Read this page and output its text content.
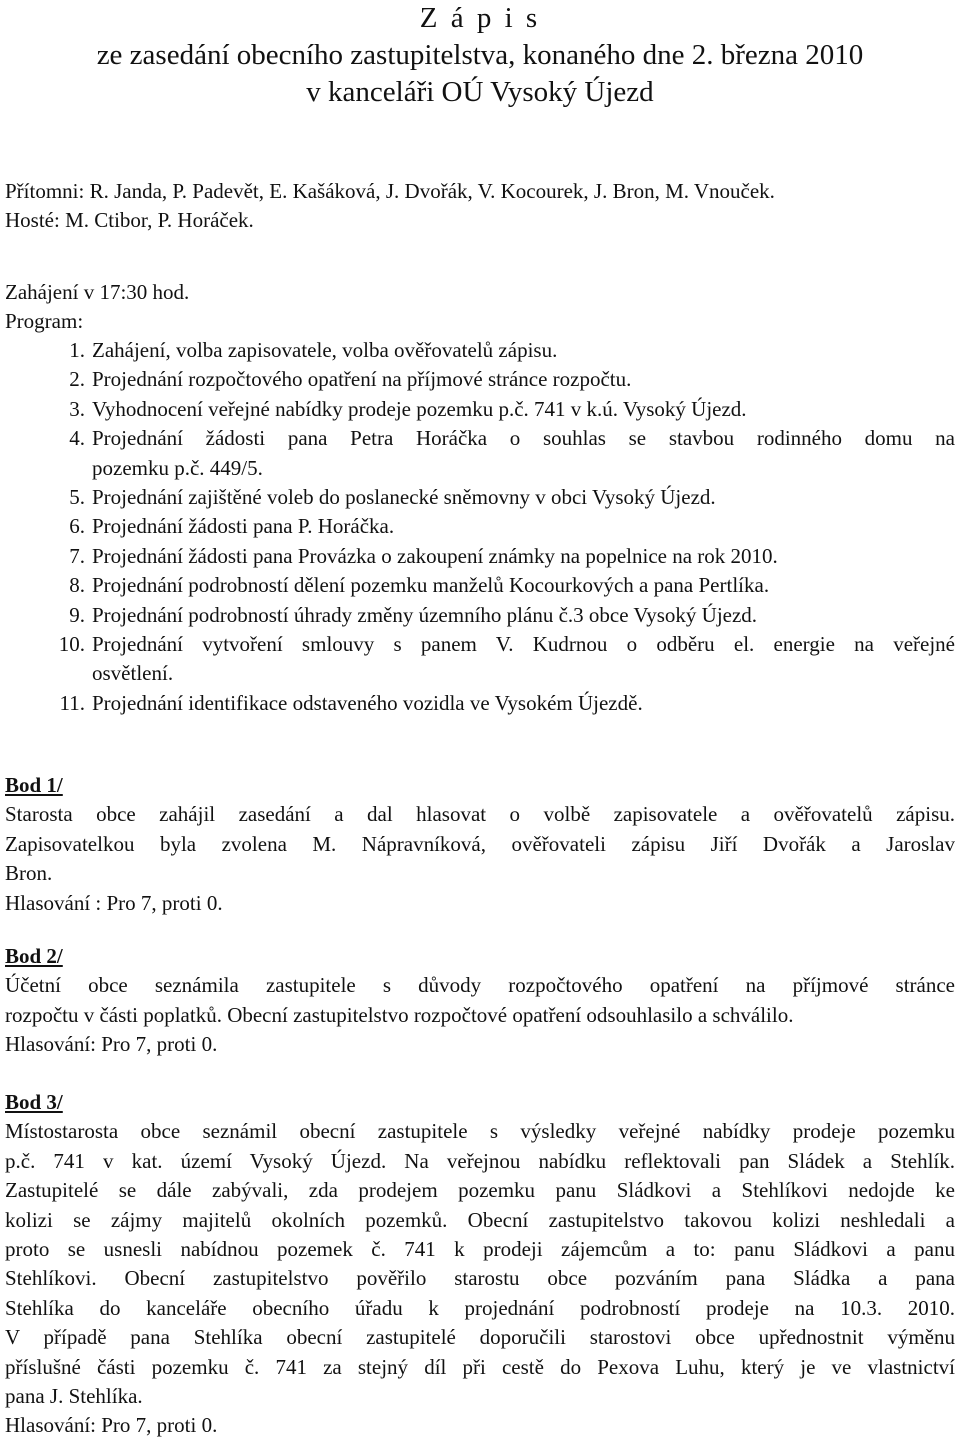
Z á p i s
ze zasedání obecního zastupitelstva, konaného dne 2. března 2010
v kanceláři OÚ Vysoký Újezd
Přítomni: R. Janda, P. Padevět, E. Kašáková, J. Dvořák, V. Kocourek, J. Bron, M. Vnouček.
Hosté: M. Ctibor, P. Horáček.
Zahájení v 17:30 hod.
Program:
1. Zahájení, volba zapisovatele, volba ověřovatelů zápisu.
2. Projednání rozpočtového opatření na příjmové stránce rozpočtu.
3. Vyhodnocení veřejné nabídky prodeje pozemku p.č. 741 v k.ú. Vysoký Újezd.
4. Projednání žádosti pana Petra Horáčka o souhlas se stavbou rodinného domu na
pozemku p.č. 449/5.
5. Projednání zajištěné voleb do poslanecké sněmovny v obci Vysoký Újezd.
6. Projednání žádosti pana P. Horáčka.
7. Projednání žádosti pana Provázka o zakoupení známky na popelnice na rok 2010.
8. Projednání podrobností dělení pozemku manželů Kocourkových a pana Pertlíka.
9. Projednání podrobností úhrady změny územního plánu č.3 obce Vysoký Újezd.
10. Projednání vytvoření smlouvy s panem V. Kudrnou o odběru el. energie na veřejné
osvětlení.
11. Projednání identifikace odstaveného vozidla ve Vysokém Újezdě.
Bod 1/
Starosta obce zahájil zasedání a dal hlasovat o volbě zapisovatele a ověřovatelů zápisu.
Zapisovatelkou byla zvolena M. Nápravníková, ověřovateli zápisu Jiří Dvořák a Jaroslav
Bron.
Hlasování : Pro 7, proti 0.
Bod 2/
Účetní obce seznámila zastupitele s důvody rozpočtového opatření na příjmové stránce
rozpočtu v části poplatků. Obecní zastupitelstvo rozpočtové opatření odsouhlasilo a schválilo.
Hlasování: Pro 7, proti 0.
Bod 3/
Místostarosta obce seznámil obecní zastupitele s výsledky veřejné nabídky prodeje pozemku
p.č. 741 v kat. území Vysoký Újezd. Na veřejnou nabídku reflektovali pan Sládek a Stehlík.
Zastupitelé se dále zabývali, zda prodejem pozemku panu Sládkovi a Stehlíkovi nedojde ke
kolizi se zájmy majitelů okolních pozemků. Obecní zastupitelstvo takovou kolizi neshledali a
proto se usnesli nabídnou pozemek č. 741 k prodeji zájemcům a to: panu Sládkovi a panu
Stehlíkovi. Obecní zastupitelstvo pověřilo starostu obce pozváním pana Sládka a pana
Stehlíka do kanceláře obecního úřadu k projednání podrobností prodeje na 10.3. 2010.
V případě pana Stehlíka obecní zastupitelé doporučili starostovi obce upřednostnit výměnu
příslušné části pozemku č. 741 za stejný díl při cestě do Pexova Luhu, který je ve vlastnictví
pana J. Stehlíka.
Hlasování: Pro 7, proti 0.
